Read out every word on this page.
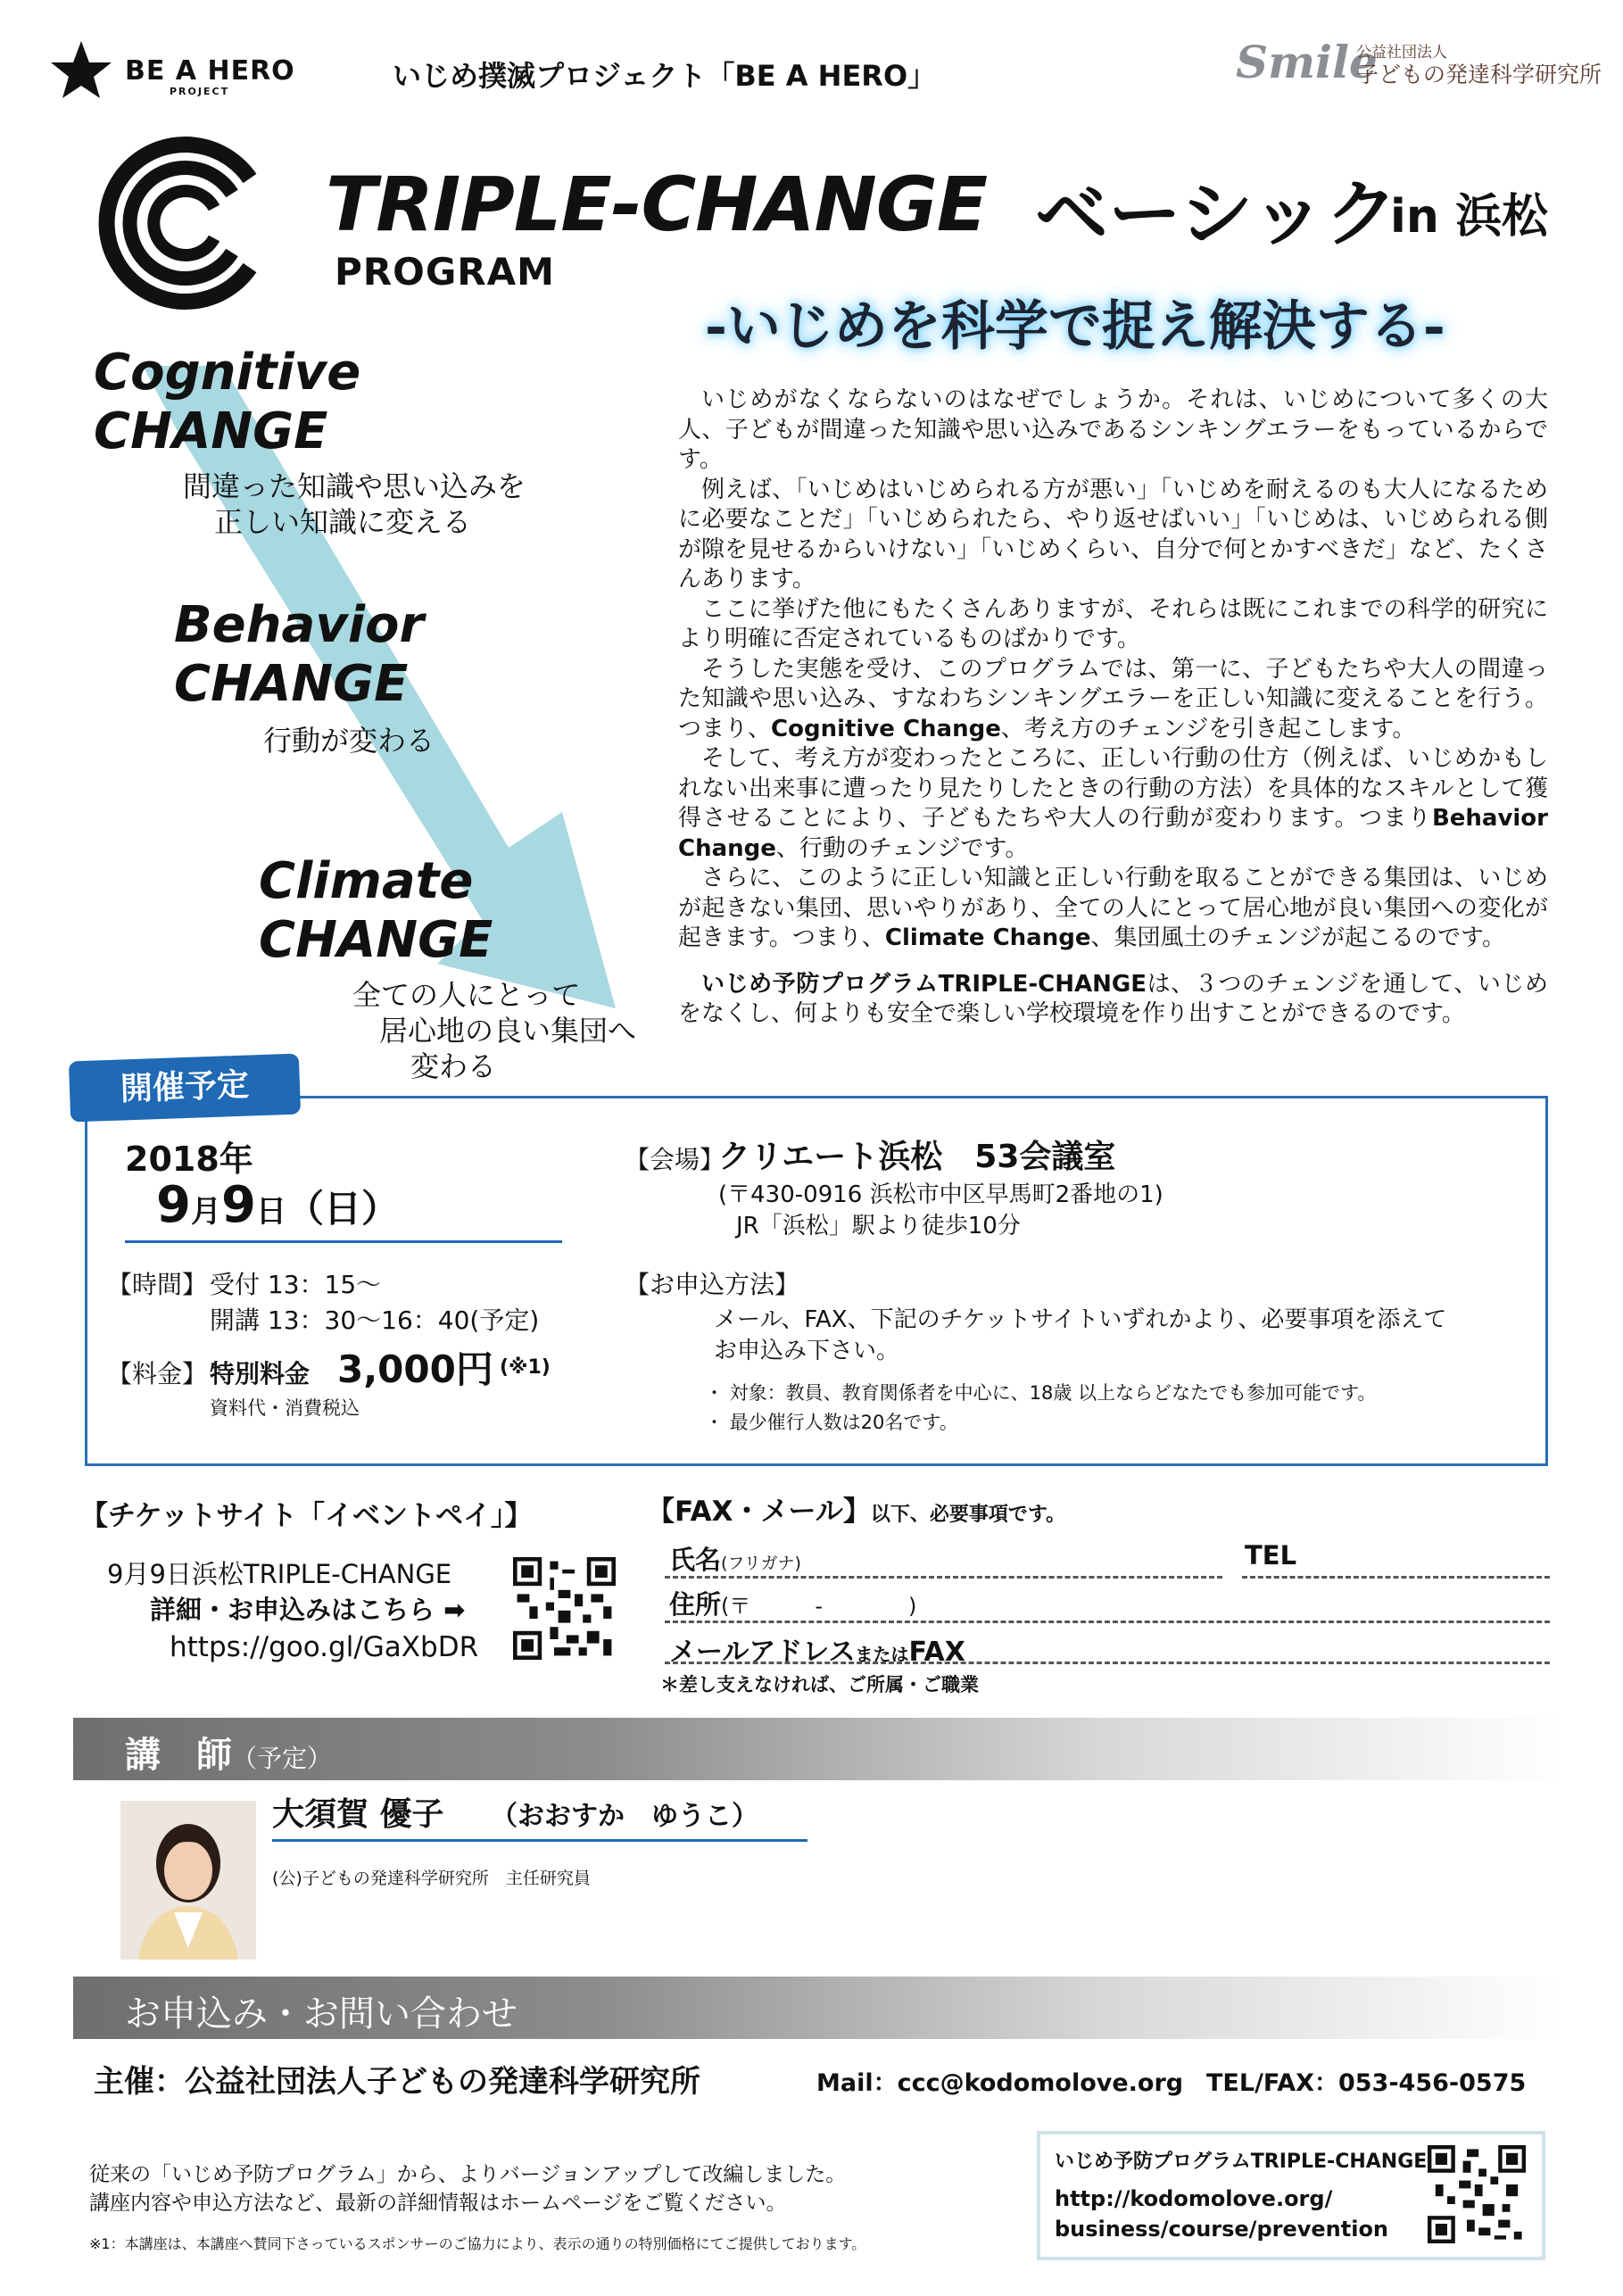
BE A HERO
PROJECT	いじめ撲滅プロジェクト「BE A HERO」	Smile
公益社団法人
子どもの発達科学研究所
TRIPLE-CHANGE ベーシック
in 浜松
PROGRAM
-いじめを科学で捉え解決する-
Cognitive
CHANGE
間違った知識や思い込みを
正しい知識に変える
Behavior
CHANGE
行動が変わる
Climate
CHANGE
全ての人にとって
居心地の良い集団へ
変わる

いじめがなくならないのはなぜでしょうか。それは、いじめについて多くの大人、子どもが間違った知識や思い込みであるシンキングエラーをもっているからです。

例えば、「いじめはいじめられる方が悪い」「いじめを耐えるのも大人になるために必要なことだ」「いじめられたら、やり返せばいい」「いじめは、いじめられる側が隙を見せるからいけない」「いじめくらい、自分で何とかすべきだ」など、たくさんあります。

ここに挙げた他にもたくさんありますが、それらは既にこれまでの科学的研究により明確に否定されているものばかりです。

そうした実態を受け、このプログラムでは、第一に、子どもたちや大人の間違った知識や思い込み、すなわちシンキングエラーを正しい知識に変えることを行う。つまり、Cognitive Change、考え方のチェンジを引き起こします。

そして、考え方が変わったところに、正しい行動の仕方（例えば、いじめかもしれない出来事に遭ったり見たりしたときの行動の方法）を具体的なスキルとして獲得させることにより、子どもたちや大人の行動が変わります。つまりBehavior Change、行動のチェンジです。

さらに、このように正しい知識と正しい行動を取ることができる集団は、いじめが起きない集団、思いやりがあり、全ての人にとって居心地が良い集団への変化が起きます。つまり、Climate Change、集団風土のチェンジが起こるのです。

いじめ予防プログラムTRIPLE-CHANGEは、３つのチェンジを通して、いじめをなくし、何よりも安全で楽しい学校環境を作り出すことができるのです。

開催予定
2018年
9月9日（日）
【時間】 受付 13：15～
開講 13：30～16：40(予定)
【料金】 特別料金 3,000円 (※1)
資料代・消費税込
【会場】
クリエート浜松　53会議室
(〒430-0916 浜松市中区早馬町2番地の1)
JR「浜松」駅より徒歩10分
【お申込方法】
メール、FAX、下記のチケットサイトいずれかより、必要事項を添えて
お申込み下さい。
・ 対象：教員、教育関係者を中心に、18歳 以上ならどなたでも参加可能です。
・ 最少催行人数は20名です。
【チケットサイト「イベントペイ」】
9月9日浜松TRIPLE-CHANGE
詳細・お申込みはこちら ➡
https://goo.gl/GaXbDR
【FAX・メール】以下、必要事項です。
氏名(フリガナ)	TEL
住所(〒　　　-　　　　)
メールアドレスまたはFAX
＊差し支えなければ、ご所属・ご職業
講　師（予定）
大須賀 優子 （おおすか　ゆうこ）
(公)子どもの発達科学研究所　主任研究員
お申込み・お問い合わせ
主催：公益社団法人子どもの発達科学研究所	Mail：ccc@kodomolove.org TEL/FAX：053-456-0575
従来の「いじめ予防プログラム」から、よりバージョンアップして改編しました。
講座内容や申込方法など、最新の詳細情報はホームページをご覧ください。
※1：本講座は、本講座へ賛同下さっているスポンサーのご協力により、表示の通りの特別価格にてご提供しております。
いじめ予防プログラムTRIPLE-CHANGE
http://kodomolove.org/
business/course/prevention
